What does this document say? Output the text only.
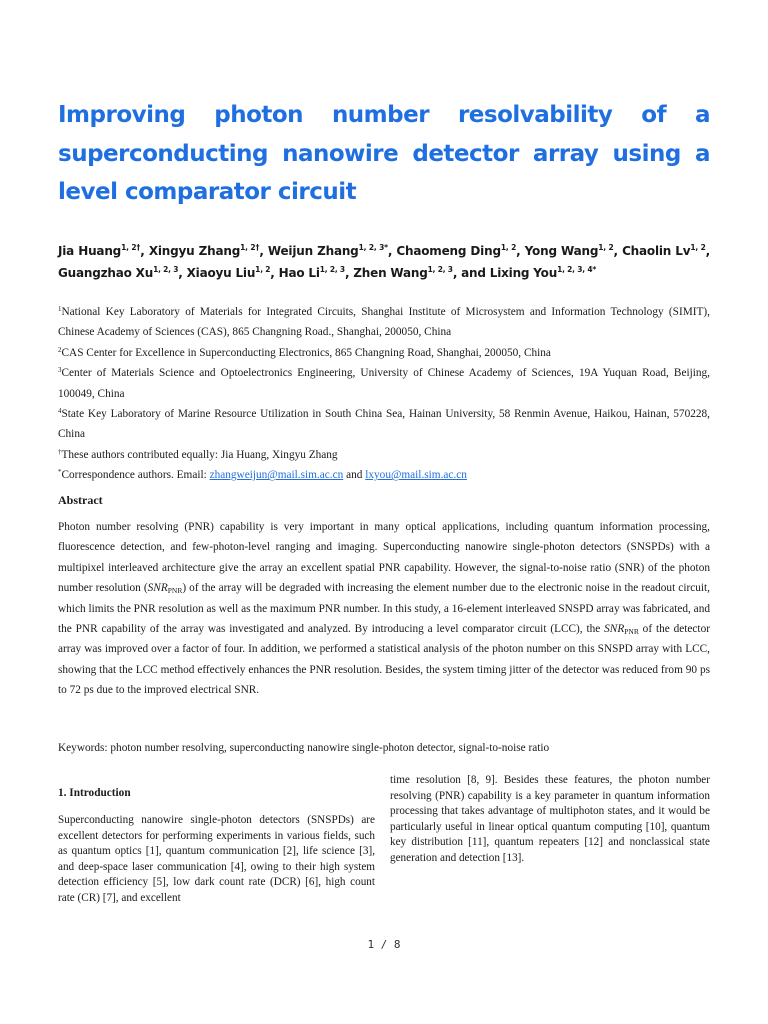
Improving photon number resolvability of a superconducting nanowire detector array using a level comparator circuit
Jia Huang$^{1, 2\dagger}$, Xingyu Zhang$^{1, 2\dagger}$, Weijun Zhang$^{1, 2, 3*}$, Chaomeng Ding$^{1, 2}$, Yong Wang$^{1, 2}$, Chaolin Lv$^{1, 2}$, Guangzhao Xu$^{1, 2, 3}$, Xiaoyu Liu$^{1, 2}$, Hao Li$^{1, 2, 3}$, Zhen Wang$^{1, 2, 3}$, and Lixing You$^{1, 2, 3, 4*}$

$^1$National Key Laboratory of Materials for Integrated Circuits, Shanghai Institute of Microsystem and Information Technology (SIMIT), Chinese Academy of Sciences (CAS), 865 Changning Road., Shanghai, 200050, China

$^2$CAS Center for Excellence in Superconducting Electronics, 865 Changning Road, Shanghai, 200050, China

$^3$Center of Materials Science and Optoelectronics Engineering, University of Chinese Academy of Sciences, 19A Yuquan Road, Beijing, 100049, China

$^4$State Key Laboratory of Marine Resource Utilization in South China Sea, Hainan University, 58 Renmin Avenue, Haikou, Hainan, 570228, China

†These authors contributed equally: Jia Huang, Xingyu Zhang

*Correspondence authors. Email: zhangweijun@mail.sim.ac.cn and lxyou@mail.sim.ac.cn

Abstract

Photon number resolving (PNR) capability is very important in many optical applications, including quantum information processing, fluorescence detection, and few-photon-level ranging and imaging. Superconducting nanowire single-photon detectors (SNSPDs) with a multipixel interleaved architecture give the array an excellent spatial PNR capability. However, the signal-to-noise ratio (SNR) of the photon number resolution $(SNR_{PNR})$ of the array will be degraded with increasing the element number due to the electronic noise in the readout circuit, which limits the PNR resolution as well as the maximum PNR number. In this study, a 16-element interleaved SNSPD array was fabricated, and the PNR capability of the array was investigated and analyzed. By introducing a level comparator circuit (LCC), the $SNR_{PNR}$ of the detector array was improved over a factor of four. In addition, we performed a statistical analysis of the photon number on this SNSPD array with LCC, showing that the LCC method effectively enhances the PNR resolution. Besides, the system timing jitter of the detector was reduced from 90 ps to 72 ps due to the improved electrical SNR.

Keywords: photon number resolving, superconducting nanowire single-photon detector, signal-to-noise ratio

1. Introduction

Superconducting nanowire single-photon detectors (SNSPDs) are excellent detectors for performing experiments in various fields, such as quantum optics [1], quantum communication [2], life science [3], and deep-space laser communication [4], owing to their high system detection efficiency [5], low dark count rate (DCR) [6], high count rate (CR) [7], and excellent

time resolution [8, 9]. Besides these features, the photon number resolving (PNR) capability is a key parameter in quantum information processing that takes advantage of multiphoton states, and it would be particularly useful in linear optical quantum computing [10], quantum key distribution [11], quantum repeaters [12] and nonclassical state generation and detection [13].

1 / 8
